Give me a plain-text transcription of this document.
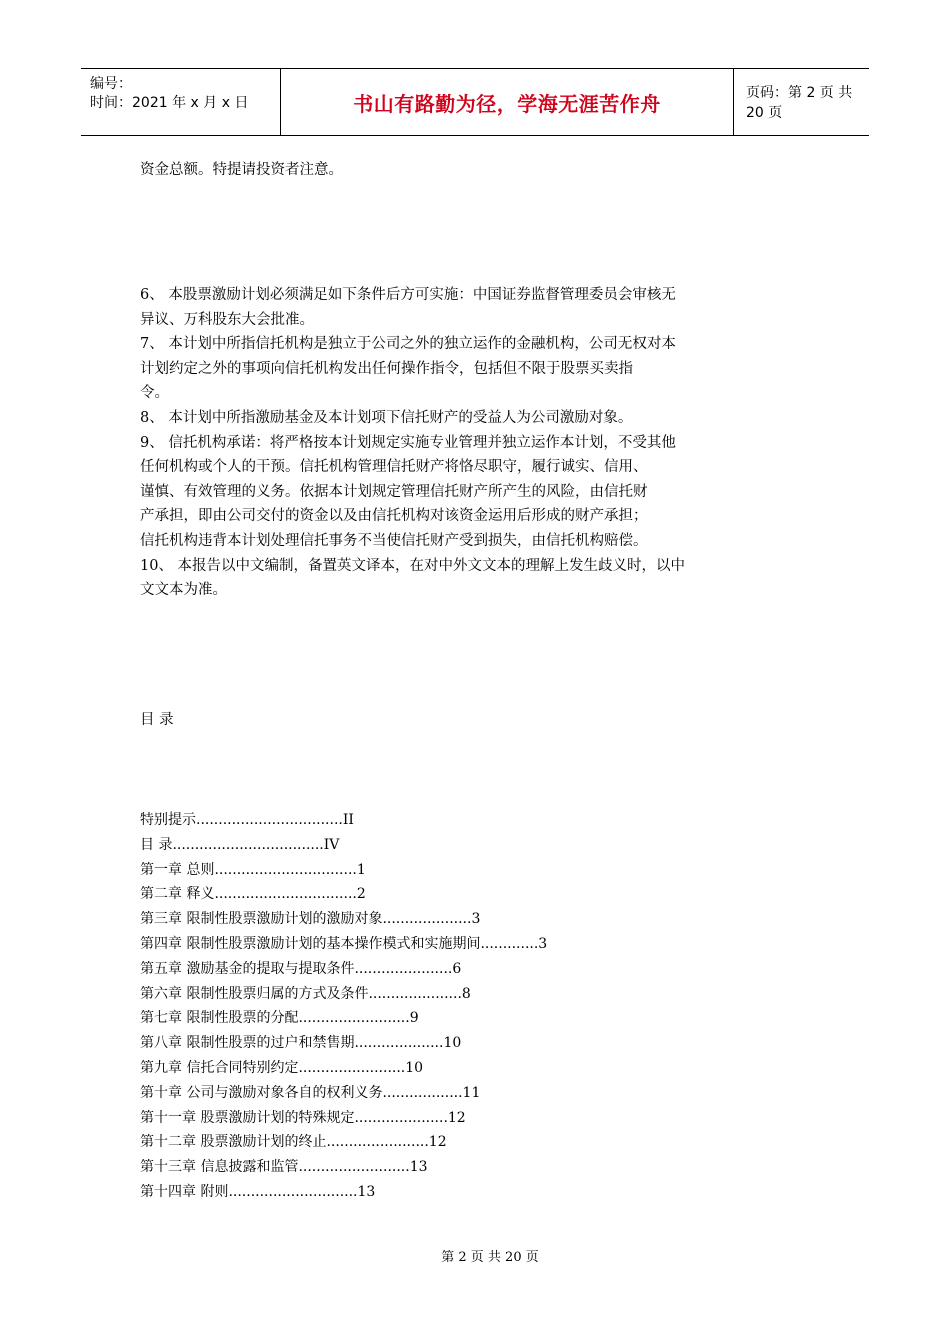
编号：
时间：2021 年 x 月 x 日	书山有路勤为径，学海无涯苦作舟	页码：第 2 页 共 20 页
资金总额。特提请投资者注意。
6、 本股票激励计划必须满足如下条件后方可实施：中国证券监督管理委员会审核无
异议、万科股东大会批准。
7、 本计划中所指信托机构是独立于公司之外的独立运作的金融机构，公司无权对本
计划约定之外的事项向信托机构发出任何操作指令，包括但不限于股票买卖指
令。
8、 本计划中所指激励基金及本计划项下信托财产的受益人为公司激励对象。
9、 信托机构承诺：将严格按本计划规定实施专业管理并独立运作本计划，不受其他
任何机构或个人的干预。信托机构管理信托财产将恪尽职守，履行诚实、信用、
谨慎、有效管理的义务。依据本计划规定管理信托财产所产生的风险，由信托财
产承担，即由公司交付的资金以及由信托机构对该资金运用后形成的财产承担；
信托机构违背本计划处理信托事务不当使信托财产受到损失，由信托机构赔偿。
10、 本报告以中文编制，备置英文译本，在对中外文文本的理解上发生歧义时，以中
文文本为准。
目 录
特别提示.................................II
目 录..................................IV
第一章 总则................................1
第二章 释义................................2
第三章 限制性股票激励计划的激励对象....................3
第四章 限制性股票激励计划的基本操作模式和实施期间.............3
第五章 激励基金的提取与提取条件......................6
第六章 限制性股票归属的方式及条件.....................8
第七章 限制性股票的分配.........................9
第八章 限制性股票的过户和禁售期....................10
第九章 信托合同特别约定........................10
第十章 公司与激励对象各自的权利义务..................11
第十一章 股票激励计划的特殊规定.....................12
第十二章 股票激励计划的终止.......................12
第十三章 信息披露和监管.........................13
第十四章 附则.............................13
第 2 页 共 20 页
